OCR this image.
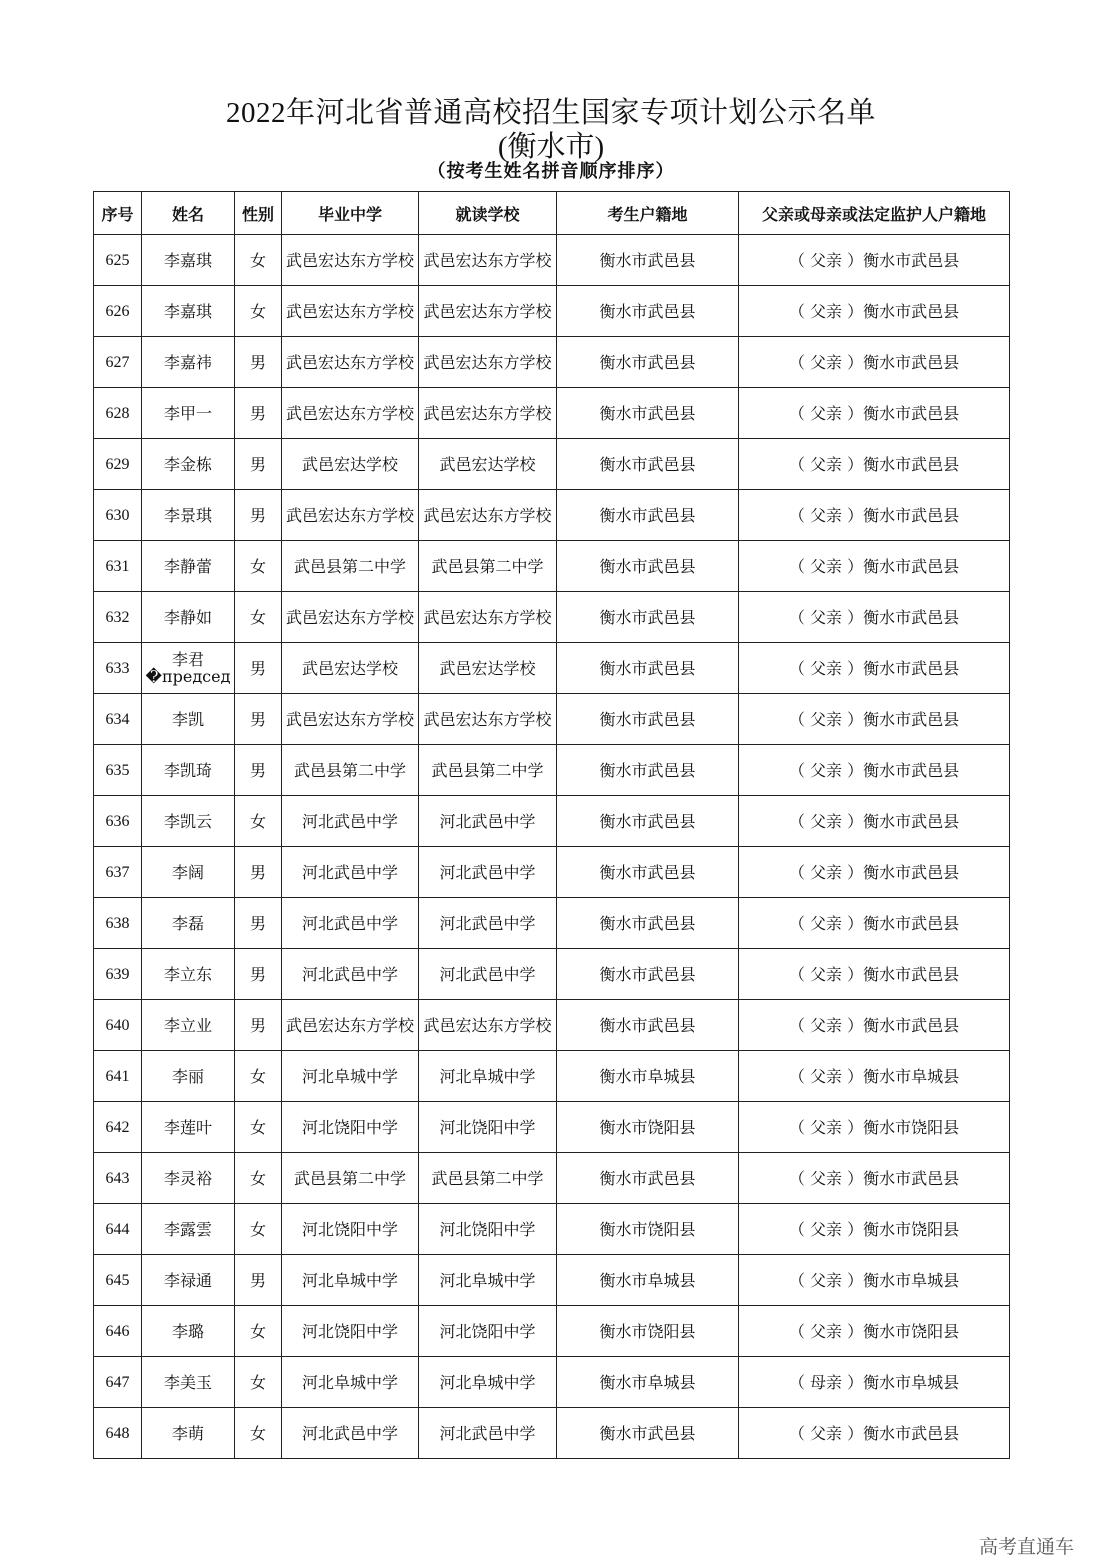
2022年河北省普通高校招生国家专项计划公示名单
(衡水市)
（按考生姓名拼音顺序排序）
序号	姓名	性别	毕业中学	就读学校	考生户籍地	父亲或母亲或法定监护人户籍地
625	李嘉琪	女	武邑宏达东方学校	武邑宏达东方学校	衡水市武邑县	（ 父亲 ）衡水市武邑县
626	李嘉琪	女	武邑宏达东方学校	武邑宏达东方学校	衡水市武邑县	（ 父亲 ）衡水市武邑县
627	李嘉祎	男	武邑宏达东方学校	武邑宏达东方学校	衡水市武邑县	（ 父亲 ）衡水市武邑县
628	李甲一	男	武邑宏达东方学校	武邑宏达东方学校	衡水市武邑县	（ 父亲 ）衡水市武邑县
629	李金栋	男	武邑宏达学校	武邑宏达学校	衡水市武邑县	（ 父亲 ）衡水市武邑县
630	李景琪	男	武邑宏达东方学校	武邑宏达东方学校	衡水市武邑县	（ 父亲 ）衡水市武邑县
631	李静蕾	女	武邑县第二中学	武邑县第二中学	衡水市武邑县	（ 父亲 ）衡水市武邑县
632	李静如	女	武邑宏达东方学校	武邑宏达东方学校	衡水市武邑县	（ 父亲 ）衡水市武邑县
633	李君�председ	男	武邑宏达学校	武邑宏达学校	衡水市武邑县	（ 父亲 ）衡水市武邑县
634	李凯	男	武邑宏达东方学校	武邑宏达东方学校	衡水市武邑县	（ 父亲 ）衡水市武邑县
635	李凯琦	男	武邑县第二中学	武邑县第二中学	衡水市武邑县	（ 父亲 ）衡水市武邑县
636	李凯云	女	河北武邑中学	河北武邑中学	衡水市武邑县	（ 父亲 ）衡水市武邑县
637	李阔	男	河北武邑中学	河北武邑中学	衡水市武邑县	（ 父亲 ）衡水市武邑县
638	李磊	男	河北武邑中学	河北武邑中学	衡水市武邑县	（ 父亲 ）衡水市武邑县
639	李立东	男	河北武邑中学	河北武邑中学	衡水市武邑县	（ 父亲 ）衡水市武邑县
640	李立业	男	武邑宏达东方学校	武邑宏达东方学校	衡水市武邑县	（ 父亲 ）衡水市武邑县
641	李丽	女	河北阜城中学	河北阜城中学	衡水市阜城县	（ 父亲 ）衡水市阜城县
642	李莲叶	女	河北饶阳中学	河北饶阳中学	衡水市饶阳县	（ 父亲 ）衡水市饶阳县
643	李灵裕	女	武邑县第二中学	武邑县第二中学	衡水市武邑县	（ 父亲 ）衡水市武邑县
644	李露雲	女	河北饶阳中学	河北饶阳中学	衡水市饶阳县	（ 父亲 ）衡水市饶阳县
645	李禄通	男	河北阜城中学	河北阜城中学	衡水市阜城县	（ 父亲 ）衡水市阜城县
646	李璐	女	河北饶阳中学	河北饶阳中学	衡水市饶阳县	（ 父亲 ）衡水市饶阳县
647	李美玉	女	河北阜城中学	河北阜城中学	衡水市阜城县	（ 母亲 ）衡水市阜城县
648	李萌	女	河北武邑中学	河北武邑中学	衡水市武邑县	（ 父亲 ）衡水市武邑县
高考直通车
